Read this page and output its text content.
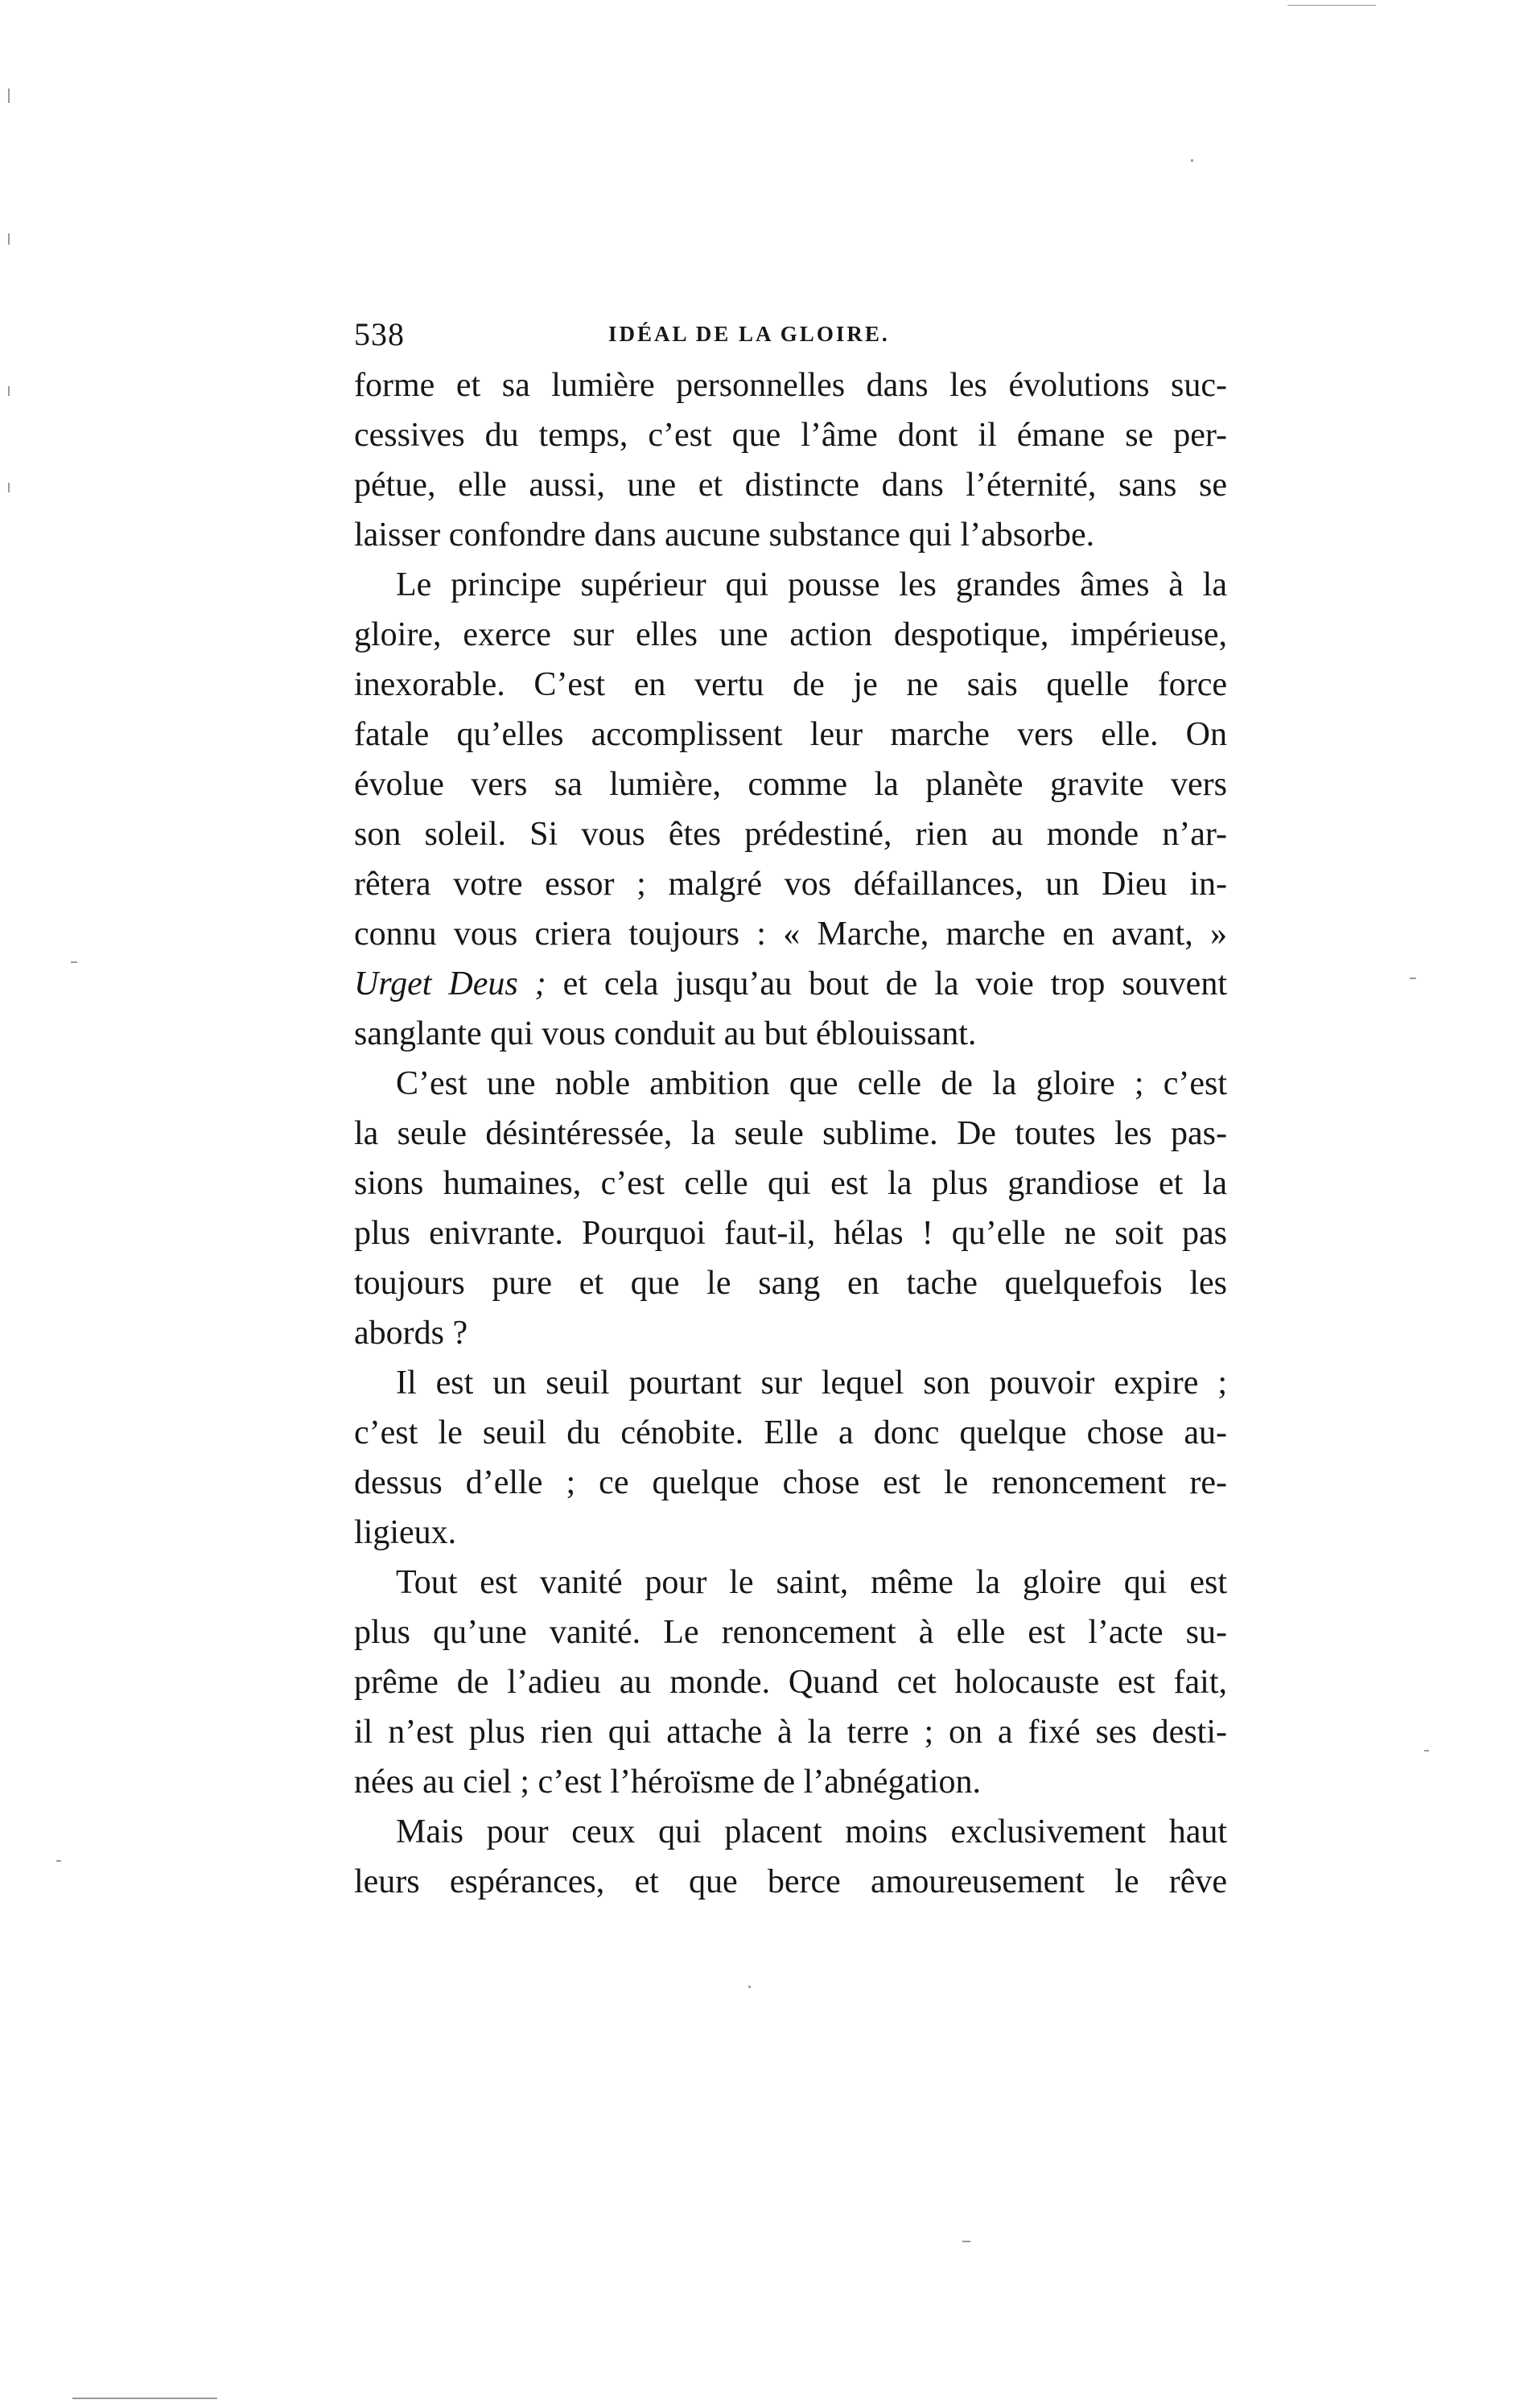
538	IDÉAL DE LA GLOIRE.
forme et sa lumière personnelles dans les évolutions suc-
cessives du temps, c’est que l’âme dont il émane se per-
pétue, elle aussi, une et distincte dans l’éternité, sans se
laisser confondre dans aucune substance qui l’absorbe.
Le principe supérieur qui pousse les grandes âmes à la
gloire, exerce sur elles une action despotique, impérieuse,
inexorable. C’est en vertu de je ne sais quelle force
fatale qu’elles accomplissent leur marche vers elle. On
évolue vers sa lumière, comme la planète gravite vers
son soleil. Si vous êtes prédestiné, rien au monde n’ar-
rêtera votre essor ; malgré vos défaillances, un Dieu in-
connu vous criera toujours : « Marche, marche en avant, »
Urget Deus ; et cela jusqu’au bout de la voie trop souvent
sanglante qui vous conduit au but éblouissant.
C’est une noble ambition que celle de la gloire ; c’est
la seule désintéressée, la seule sublime. De toutes les pas-
sions humaines, c’est celle qui est la plus grandiose et la
plus enivrante. Pourquoi faut-il, hélas ! qu’elle ne soit pas
toujours pure et que le sang en tache quelquefois les
abords ?
Il est un seuil pourtant sur lequel son pouvoir expire ;
c’est le seuil du cénobite. Elle a donc quelque chose au-
dessus d’elle ; ce quelque chose est le renoncement re-
ligieux.
Tout est vanité pour le saint, même la gloire qui est
plus qu’une vanité. Le renoncement à elle est l’acte su-
prême de l’adieu au monde. Quand cet holocauste est fait,
il n’est plus rien qui attache à la terre ; on a fixé ses desti-
nées au ciel ; c’est l’héroïsme de l’abnégation.
Mais pour ceux qui placent moins exclusivement haut
leurs espérances, et que berce amoureusement le rêve
